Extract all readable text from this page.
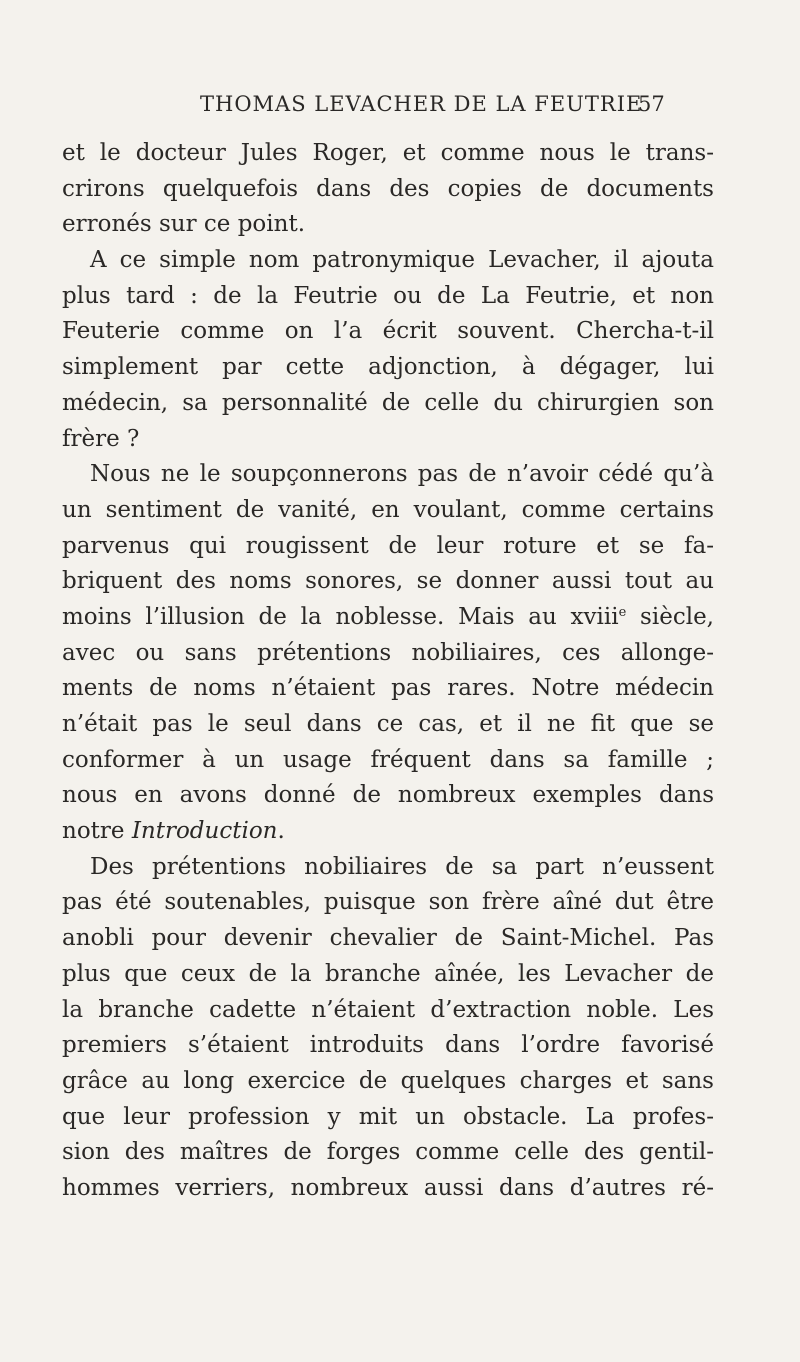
THOMAS LEVACHER DE LA FEUTRIE
57
et le docteur Jules Roger, et comme nous le trans-
crirons quelquefois dans des copies de documents
erronés sur ce point.
A ce simple nom patronymique Levacher, il ajouta
plus tard : de la Feutrie ou de La Feutrie, et non
Feuterie comme on l’a écrit souvent. Chercha-t-il
simplement par cette adjonction, à dégager, lui
médecin, sa personnalité de celle du chirurgien son
frère ?
Nous ne le soupçonnerons pas de n’avoir cédé qu’à
un sentiment de vanité, en voulant, comme certains
parvenus qui rougissent de leur roture et se fa-
briquent des noms sonores, se donner aussi tout au
moins l’illusion de la noblesse. Mais au xviii$^e$ siècle,
avec ou sans prétentions nobiliaires, ces allonge-
ments de noms n’étaient pas rares. Notre médecin
n’était pas le seul dans ce cas, et il ne fit que se
conformer à un usage fréquent dans sa famille ;
nous en avons donné de nombreux exemples dans
notre Introduction.
Des prétentions nobiliaires de sa part n’eussent
pas été soutenables, puisque son frère aîné dut être
anobli pour devenir chevalier de Saint-Michel. Pas
plus que ceux de la branche aînée, les Levacher de
la branche cadette n’étaient d’extraction noble. Les
premiers s’étaient introduits dans l’ordre favorisé
grâce au long exercice de quelques charges et sans
que leur profession y mit un obstacle. La profes-
sion des maîtres de forges comme celle des gentil-
hommes verriers, nombreux aussi dans d’autres ré-
